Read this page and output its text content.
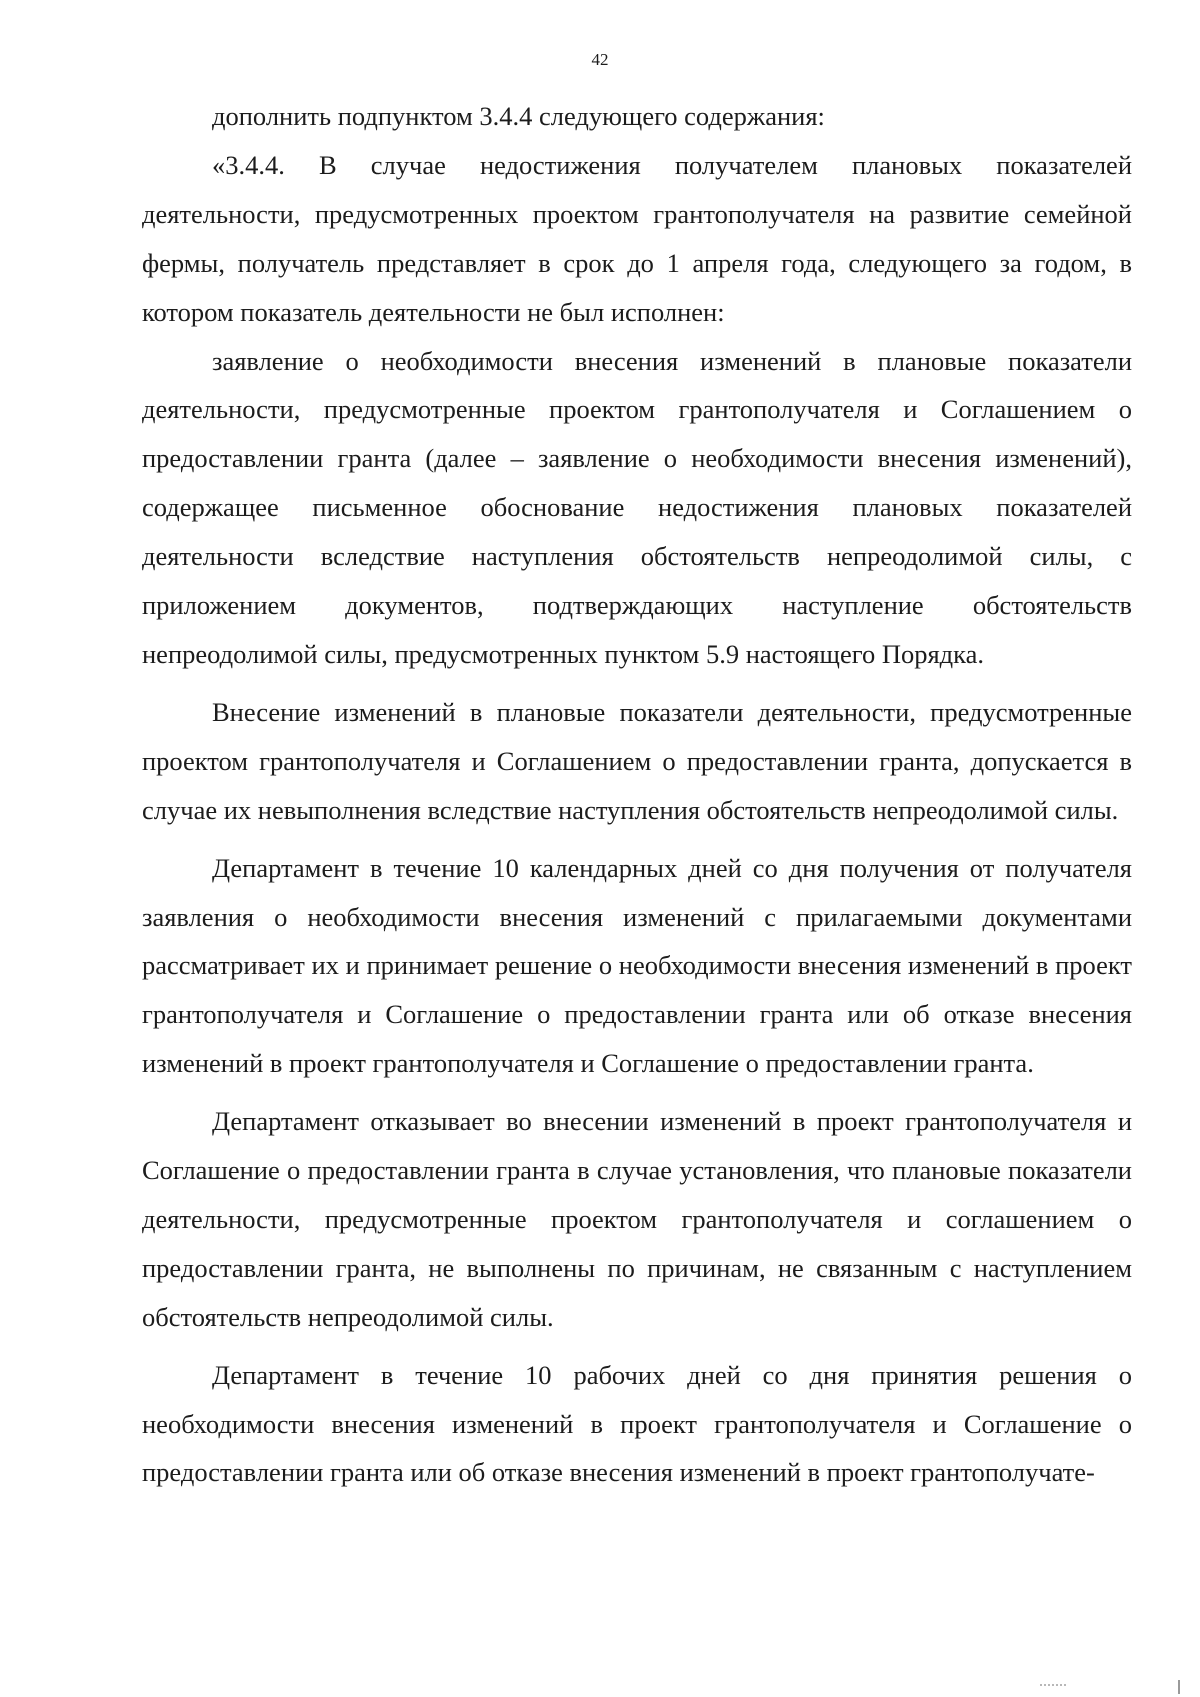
42

дополнить подпунктом 3.4.4 следующего содержания:

«3.4.4. В случае недостижения получателем плановых показателей деятельности, предусмотренных проектом грантополучателя на развитие семейной фермы, получатель представляет в срок до 1 апреля года, следующего за годом, в котором показатель деятельности не был исполнен:

заявление о необходимости внесения изменений в плановые показатели деятельности, предусмотренные проектом грантополучателя и Соглашением о предоставлении гранта (далее – заявление о необходимости внесения изменений), содержащее письменное обоснование недостижения плановых показателей деятельности вследствие наступления обстоятельств непреодолимой силы, с приложением документов, подтверждающих наступление обстоятельств непреодолимой силы, предусмотренных пунктом 5.9 настоящего Порядка.

Внесение изменений в плановые показатели деятельности, предусмотренные проектом грантополучателя и Соглашением о предоставлении гранта, допускается в случае их невыполнения вследствие наступления обстоятельств непреодолимой силы.

Департамент в течение 10 календарных дней со дня получения от получателя заявления о необходимости внесения изменений с прилагаемыми документами рассматривает их и принимает решение о необходимости внесения изменений в проект грантополучателя и Соглашение о предоставлении гранта или об отказе внесения изменений в проект грантополучателя и Соглашение о предоставлении гранта.

Департамент отказывает во внесении изменений в проект грантополучателя и Соглашение о предоставлении гранта в случае установления, что плановые показатели деятельности, предусмотренные проектом грантополучателя и соглашением о предоставлении гранта, не выполнены по причинам, не связанным с наступлением обстоятельств непреодолимой силы.

Департамент в течение 10 рабочих дней со дня принятия решения о необходимости внесения изменений в проект грантополучателя и Соглашение о предоставлении гранта или об отказе внесения изменений в проект грантополучате-
